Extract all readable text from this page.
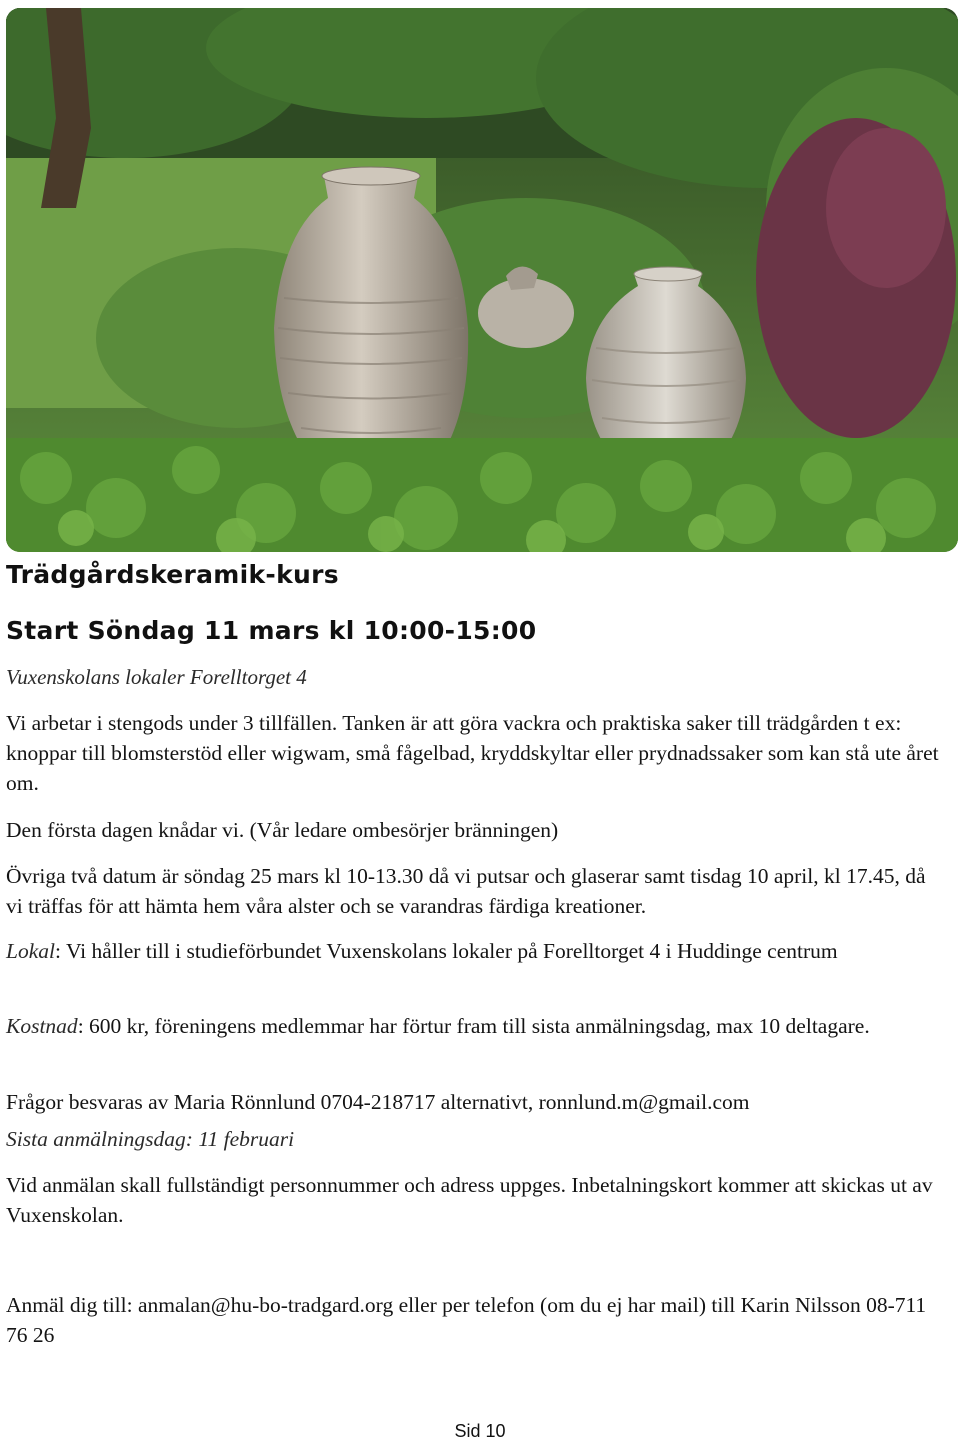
Trädgårdskeramik-kurs
Start Söndag 11 mars kl 10:00-15:00

Vuxenskolans lokaler Forelltorget 4

Vi arbetar i stengods under 3 tillfällen. Tanken är att göra vackra och praktiska saker till trädgården t ex: knoppar till blomsterstöd eller wigwam, små fågelbad, kryddskyltar eller prydnadssaker som kan stå ute året om.

Den första dagen knådar vi. (Vår ledare ombesörjer bränningen)

Övriga två datum är söndag 25 mars kl 10-13.30 då vi putsar och glaserar samt tisdag 10 april, kl 17.45, då vi träffas för att hämta hem våra alster och se varandras färdiga kreationer.

Lokal: Vi håller till i studieförbundet Vuxenskolans lokaler på Forelltorget 4 i Huddinge centrum

Kostnad: 600 kr, föreningens medlemmar har förtur fram till sista anmälningsdag, max 10 deltagare.

Frågor besvaras av Maria Rönnlund 0704-218717 alternativt, ronnlund.m@gmail.com

Sista anmälningsdag: 11 februari

Vid anmälan skall fullständigt personnummer och adress uppges. Inbetalningskort kommer att skickas ut av Vuxenskolan.

Anmäl dig till: anmalan@hu-bo-tradgard.org eller per telefon (om du ej har mail) till Karin Nilsson 08-711 76 26

Sid 10
